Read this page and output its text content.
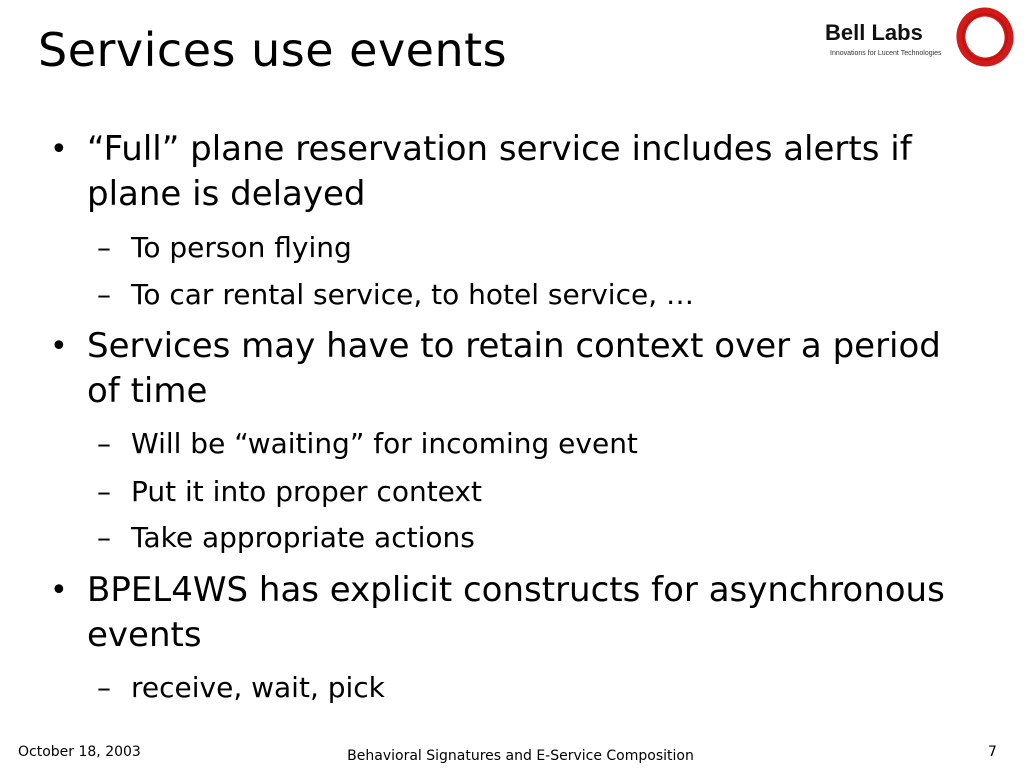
Services use events	Bell Labs
Innovations for Lucent Technologies
• “Full” plane reservation service includes alerts if plane is delayed
– To person flying
– To car rental service, to hotel service, …
• Services may have to retain context over a period of time
– Will be “waiting” for incoming event
– Put it into proper context
– Take appropriate actions
• BPEL4WS has explicit constructs for asynchronous events
– receive, wait, pick
October 18, 2003	Behavioral Signatures and E-Service Composition	7
